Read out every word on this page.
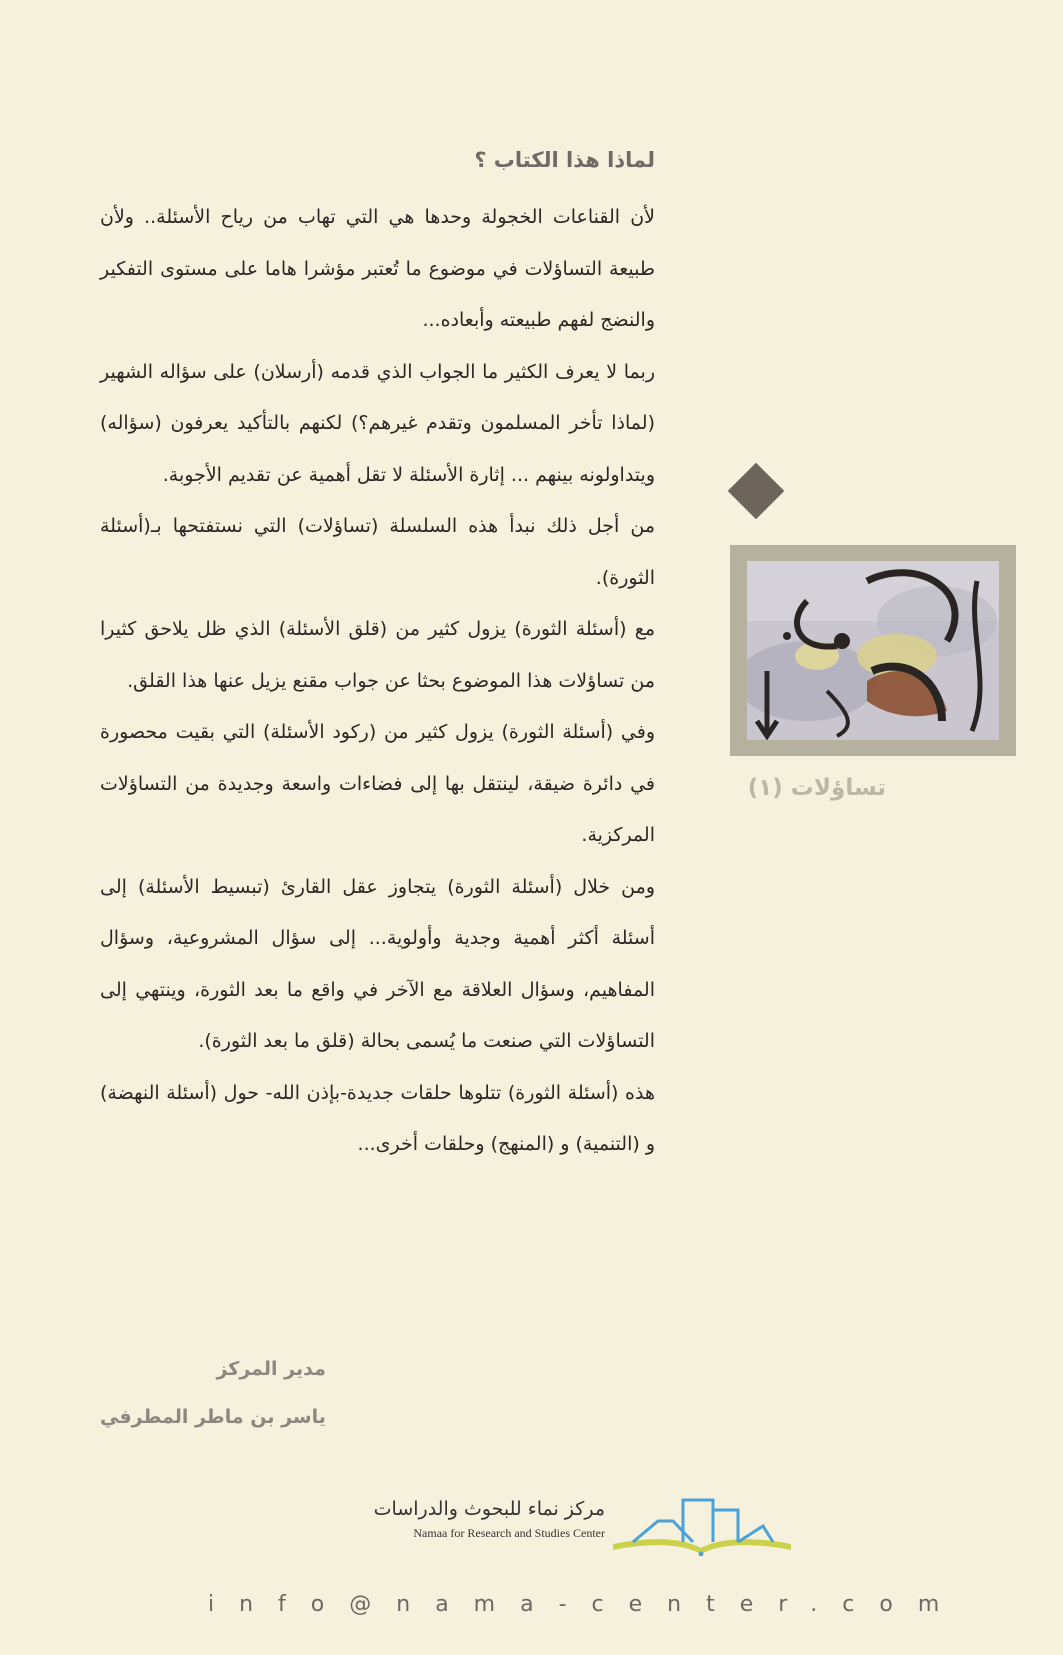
لماذا هذا الكتاب ؟

لأن القناعات الخجولة وحدها هي التي تهاب من رياح الأسئلة.. ولأن طبيعة التساؤلات في موضوع ما تُعتبر مؤشرا هاما على مستوى التفكير والنضج لفهم طبيعته وأبعاده...

ربما لا يعرف الكثير ما الجواب الذي قدمه (أرسلان) على سؤاله الشهير (لماذا تأخر المسلمون وتقدم غيرهم؟) لكنهم بالتأكيد يعرفون (سؤاله) ويتداولونه بينهم ... إثارة الأسئلة لا تقل أهمية عن تقديم الأجوبة.

من أجل ذلك نبدأ هذه السلسلة (تساؤلات) التي نستفتحها بـ(أسئلة الثورة).

مع (أسئلة الثورة) يزول كثير من (قلق الأسئلة) الذي ظل يلاحق كثيرا من تساؤلات هذا الموضوع بحثا عن جواب مقنع يزيل عنها هذا القلق.

وفي (أسئلة الثورة) يزول كثير من (ركود الأسئلة) التي بقيت محصورة في دائرة ضيقة، لينتقل بها إلى فضاءات واسعة وجديدة من التساؤلات المركزية.

ومن خلال (أسئلة الثورة) يتجاوز عقل القارئ (تبسيط الأسئلة) إلى أسئلة أكثر أهمية وجدية وأولوية... إلى سؤال المشروعية، وسؤال المفاهيم، وسؤال العلاقة مع الآخر في واقع ما بعد الثورة، وينتهي إلى التساؤلات التي صنعت ما يُسمى بحالة (قلق ما بعد الثورة).

هذه (أسئلة الثورة) تتلوها حلقات جديدة-بإذن الله- حول (أسئلة النهضة) و (التنمية) و (المنهج) وحلقات أخرى...

تساؤلات (١)
مدير المركز
ياسر بن ماطر المطرفي
مركز نماء للبحوث والدراسات
Namaa for Research and Studies Center
info@nama-center.com
